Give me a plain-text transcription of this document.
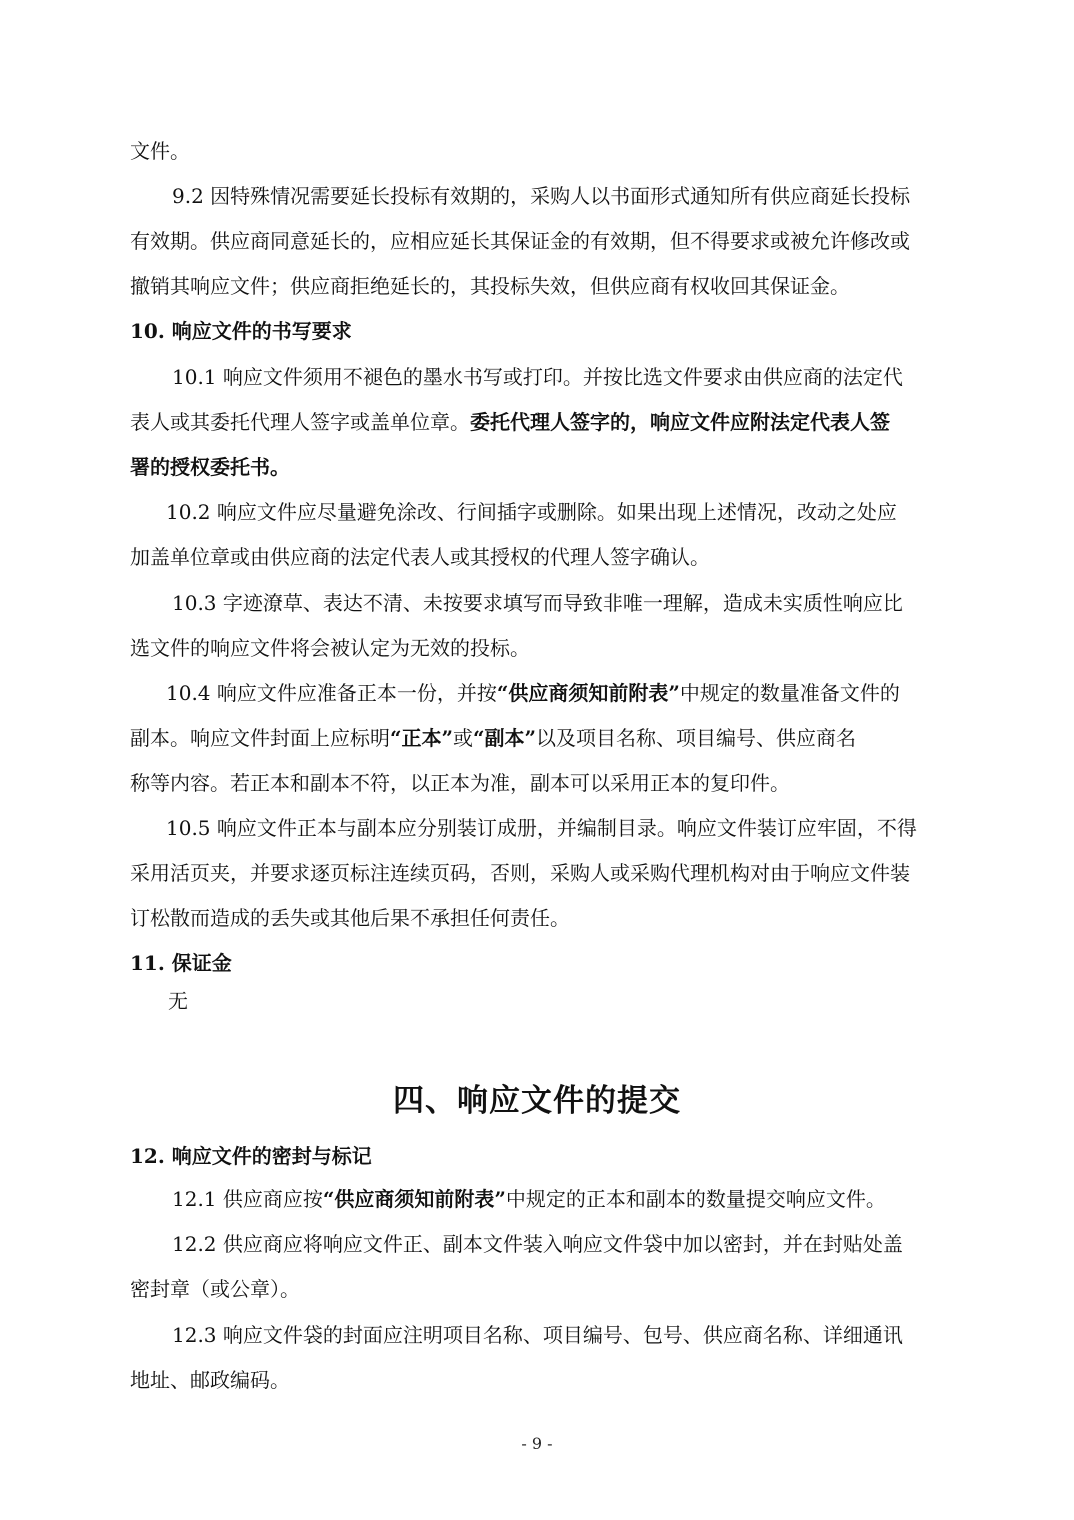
文件。
9.2 因特殊情况需要延长投标有效期的，采购人以书面形式通知所有供应商延长投标
有效期。供应商同意延长的，应相应延长其保证金的有效期，但不得要求或被允许修改或
撤销其响应文件；供应商拒绝延长的，其投标失效，但供应商有权收回其保证金。
10. 响应文件的书写要求
10.1 响应文件须用不褪色的墨水书写或打印。并按比选文件要求由供应商的法定代
表人或其委托代理人签字或盖单位章。委托代理人签字的，响应文件应附法定代表人签
署的授权委托书。
10.2 响应文件应尽量避免涂改、行间插字或删除。如果出现上述情况，改动之处应
加盖单位章或由供应商的法定代表人或其授权的代理人签字确认。
10.3 字迹潦草、表达不清、未按要求填写而导致非唯一理解，造成未实质性响应比
选文件的响应文件将会被认定为无效的投标。
10.4 响应文件应准备正本一份，并按“供应商须知前附表”中规定的数量准备文件的
副本。响应文件封面上应标明“正本”或“副本”以及项目名称、项目编号、供应商名
称等内容。若正本和副本不符，以正本为准，副本可以采用正本的复印件。
10.5 响应文件正本与副本应分别装订成册，并编制目录。响应文件装订应牢固，不得
采用活页夹，并要求逐页标注连续页码，否则，采购人或采购代理机构对由于响应文件装
订松散而造成的丢失或其他后果不承担任何责任。
11. 保证金
无
四、响应文件的提交
12. 响应文件的密封与标记
12.1 供应商应按“供应商须知前附表”中规定的正本和副本的数量提交响应文件。
12.2 供应商应将响应文件正、副本文件装入响应文件袋中加以密封，并在封贴处盖
密封章（或公章）。
12.3 响应文件袋的封面应注明项目名称、项目编号、包号、供应商名称、详细通讯
地址、邮政编码。
- 9 -
